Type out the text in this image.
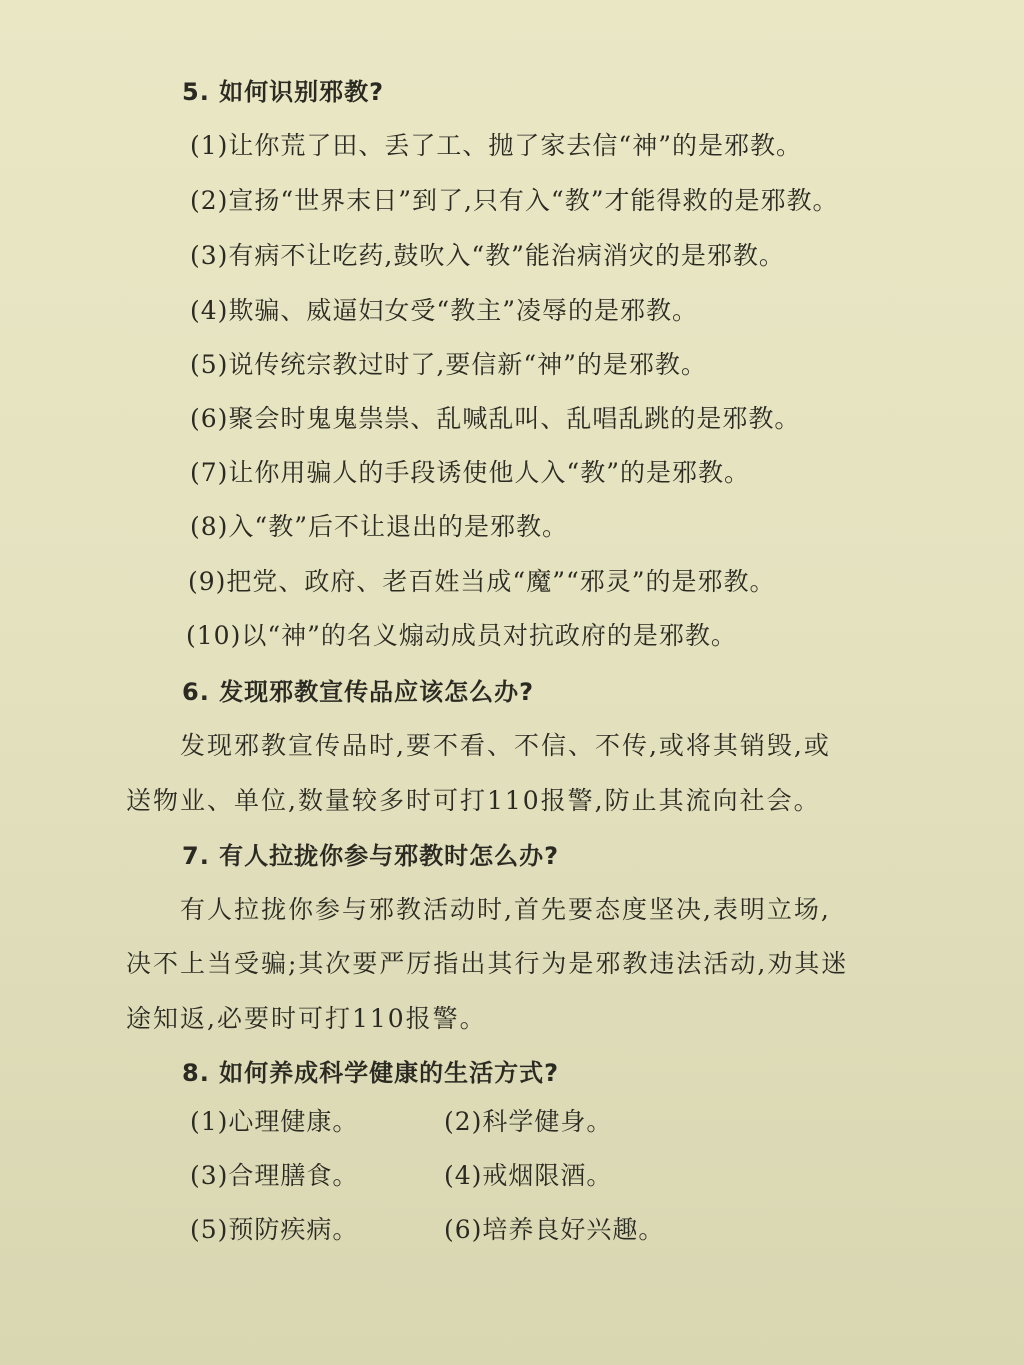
5. 如何识别邪教?
(1)让你荒了田、丢了工、抛了家去信“神”的是邪教。
(2)宣扬“世界末日”到了,只有入“教”才能得救的是邪教。
(3)有病不让吃药,鼓吹入“教”能治病消灾的是邪教。
(4)欺骗、威逼妇女受“教主”凌辱的是邪教。
(5)说传统宗教过时了,要信新“神”的是邪教。
(6)聚会时鬼鬼祟祟、乱喊乱叫、乱唱乱跳的是邪教。
(7)让你用骗人的手段诱使他人入“教”的是邪教。
(8)入“教”后不让退出的是邪教。
(9)把党、政府、老百姓当成“魔”“邪灵”的是邪教。
(10)以“神”的名义煽动成员对抗政府的是邪教。
6. 发现邪教宣传品应该怎么办?
发现邪教宣传品时,要不看、不信、不传,或将其销毁,或
送物业、单位,数量较多时可打110报警,防止其流向社会。
7. 有人拉拢你参与邪教时怎么办?
有人拉拢你参与邪教活动时,首先要态度坚决,表明立场,
决不上当受骗;其次要严厉指出其行为是邪教违法活动,劝其迷
途知返,必要时可打110报警。
8. 如何养成科学健康的生活方式?
(1)心理健康。	(2)科学健身。
(3)合理膳食。	(4)戒烟限酒。
(5)预防疾病。	(6)培养良好兴趣。
